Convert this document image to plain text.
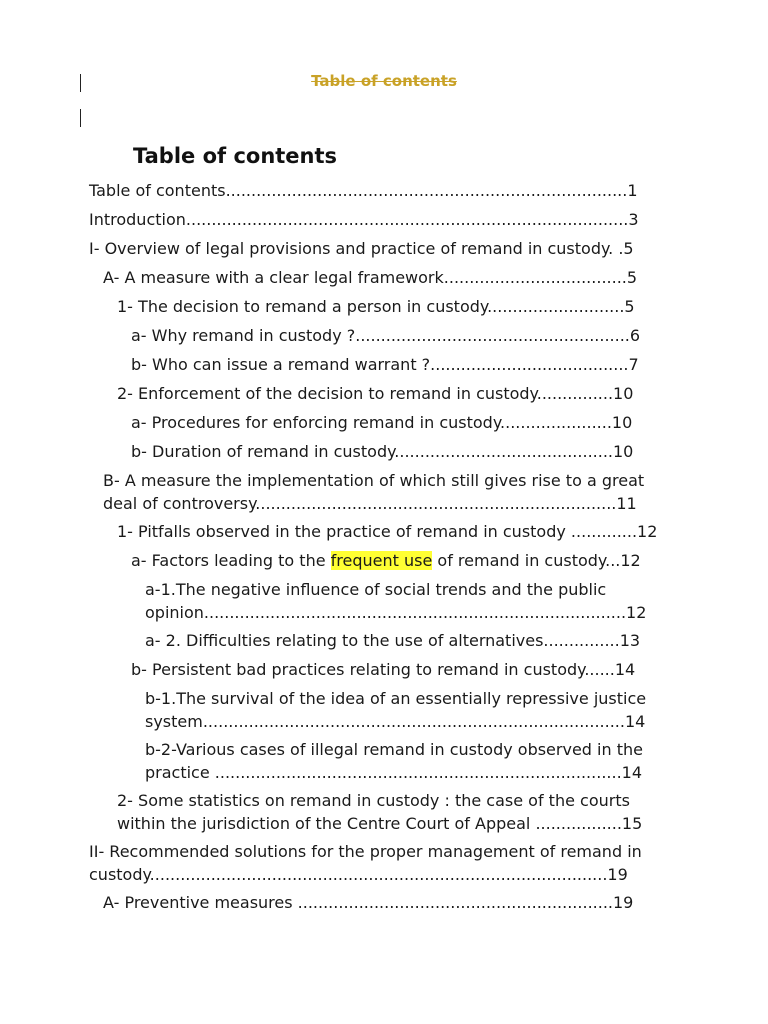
Table of contents
Table of contents
Table of contents...............................................................................1
Introduction.......................................................................................3
I- Overview of legal provisions and practice of remand in custody. .5
A- A measure with a clear legal framework....................................5
1- The decision to remand a person in custody...........................5
a- Why remand in custody ?......................................................6
b- Who can issue a remand warrant ?.......................................7
2- Enforcement of the decision to remand in custody...............10
a- Procedures for enforcing remand in custody......................10
b- Duration of remand in custody...........................................10
B- A measure the implementation of which still gives rise to a great
deal of controversy.......................................................................11
1- Pitfalls observed in the practice of remand in custody .............12
a- Factors leading to the frequent use of remand in custody...12
a-1.The negative influence of social trends and the public
opinion...................................................................................12
a- 2. Difficulties relating to the use of alternatives...............13
b- Persistent bad practices relating to remand in custody......14
b-1.The survival of the idea of an essentially repressive justice
system...................................................................................14
b-2-Various cases of illegal remand in custody observed in the
practice ................................................................................14
2- Some statistics on remand in custody : the case of the courts
within the jurisdiction of the Centre Court of Appeal .................15
II- Recommended solutions for the proper management of remand in
custody..........................................................................................19
A- Preventive measures ..............................................................19
